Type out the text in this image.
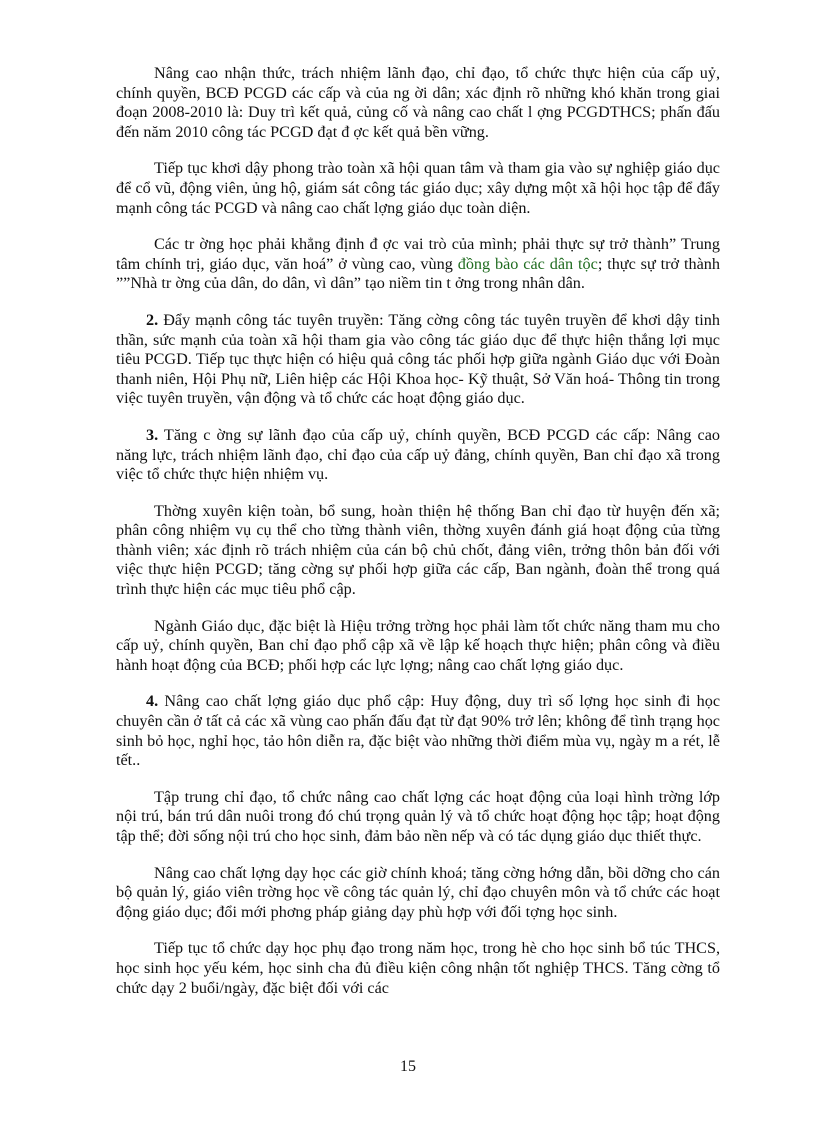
Nâng cao nhận thức, trách nhiệm lãnh đạo, chỉ đạo, tổ chức thực hiện của cấp uỷ, chính quyền, BCĐ PCGD các cấp và của ng ời dân; xác định rõ những khó khăn trong giai đoạn 2008-2010 là: Duy trì kết quả, củng cố và nâng cao chất l ợng PCGDTHCS; phấn đấu đến năm 2010 công tác PCGD đạt đ ợc kết quả bền vững.

Tiếp tục khơi dậy phong trào toàn xã hội quan tâm và tham gia vào sự nghiệp giáo dục để cổ vũ, động viên, ủng hộ, giám sát công tác giáo dục; xây dựng một xã hội học tập để đẩy mạnh công tác PCGD và nâng cao chất lợng giáo dục toàn diện.

Các tr ờng học phải khẳng định đ ợc vai trò của mình; phải thực sự trở thành” Trung tâm chính trị, giáo dục, văn hoá” ở vùng cao, vùng đồng bào các dân tộc; thực sự trở thành ””Nhà tr ờng của dân, do dân, vì dân” tạo niềm tin t ởng trong nhân dân.

2. Đẩy mạnh công tác tuyên truyền: Tăng cờng công tác tuyên truyền để khơi dậy tinh thần, sức mạnh của toàn xã hội tham gia vào công tác giáo dục để thực hiện thắng lợi mục tiêu PCGD. Tiếp tục thực hiện có hiệu quả công tác phối hợp giữa ngành Giáo dục với Đoàn thanh niên, Hội Phụ nữ, Liên hiệp các Hội Khoa học- Kỹ thuật, Sở Văn hoá- Thông tin trong việc tuyên truyền, vận động và tổ chức các hoạt động giáo dục.

3. Tăng c ờng sự lãnh đạo của cấp uỷ, chính quyền, BCĐ PCGD các cấp: Nâng cao năng lực, trách nhiệm lãnh đạo, chỉ đạo của cấp uỷ đảng, chính quyền, Ban chỉ đạo xã trong việc tổ chức thực hiện nhiệm vụ.

Thờng xuyên kiện toàn, bổ sung, hoàn thiện hệ thống Ban chỉ đạo từ huyện đến xã; phân công nhiệm vụ cụ thể cho từng thành viên, thờng xuyên đánh giá hoạt động của từng thành viên; xác định rõ trách nhiệm của cán bộ chủ chốt, đảng viên, trởng thôn bản đối với việc thực hiện PCGD; tăng cờng sự phối hợp giữa các cấp, Ban ngành, đoàn thể trong quá trình thực hiện các mục tiêu phổ cập.

Ngành Giáo dục, đặc biệt là Hiệu trởng trờng học phải làm tốt chức năng tham mu cho cấp uỷ, chính quyền, Ban chỉ đạo phổ cập xã về lập kế hoạch thực hiện; phân công và điều hành hoạt động của BCĐ; phối hợp các lực lợng; nâng cao chất lợng giáo dục.

4. Nâng cao chất lợng giáo dục phổ cập: Huy động, duy trì số lợng học sinh đi học chuyên cần ở tất cả các xã vùng cao phấn đấu đạt từ đạt 90% trở lên; không để tình trạng học sinh bỏ học, nghỉ học, tảo hôn diễn ra, đặc biệt vào những thời điểm mùa vụ, ngày m a rét, lễ tết..

Tập trung chỉ đạo, tổ chức nâng cao chất lợng các hoạt động của loại hình trờng lớp nội trú, bán trú dân nuôi trong đó chú trọng quản lý và tổ chức hoạt động học tập; hoạt động tập thể; đời sống nội trú cho học sinh, đảm bảo nền nếp và có tác dụng giáo dục thiết thực.

Nâng cao chất lợng dạy học các giờ chính khoá; tăng cờng hớng dẫn, bồi dỡng cho cán bộ quản lý, giáo viên trờng học về công tác quản lý, chỉ đạo chuyên môn và tổ chức các hoạt động giáo dục; đổi mới phơng pháp giảng dạy phù hợp với đối tợng học sinh.

Tiếp tục tổ chức dạy học phụ đạo trong năm học, trong hè cho học sinh bổ túc THCS, học sinh học yếu kém, học sinh cha đủ điều kiện công nhận tốt nghiệp THCS. Tăng cờng tổ chức dạy 2 buổi/ngày, đặc biệt đối với các

15
